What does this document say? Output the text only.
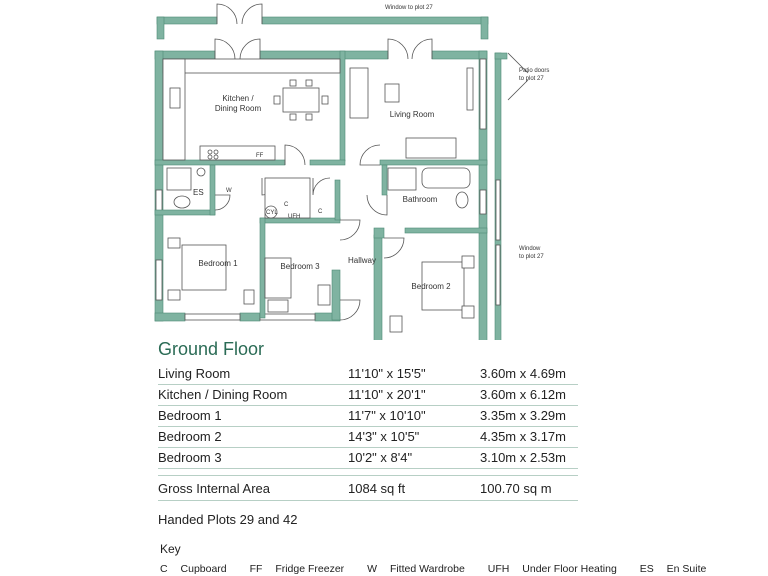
Kitchen /
Dining Room
Living Room
Bathroom
Hallway
Bedroom 1
Bedroom 2
Bedroom 3
ES	W
C
C
CYL
UFH
FF
Window to plot 27
Patio doors
to plot 27
Window
to plot 27
Ground Floor
Living Room	11'10" x 15'5"	3.60m x 4.69m
Kitchen / Dining Room	11'10" x 20'1"	3.60m x 6.12m
Bedroom 1	11'7" x 10'10"	3.35m x 3.29m
Bedroom 2	14'3" x 10'5"	4.35m x 3.17m
Bedroom 3	10'2" x 8'4"	3.10m x 2.53m
Gross Internal Area	1084 sq ft	100.70 sq m
Handed Plots 29 and 42
Key
C Cupboard FF Fridge Freezer W Fitted Wardrobe UFH Under Floor Heating ES En Suite
